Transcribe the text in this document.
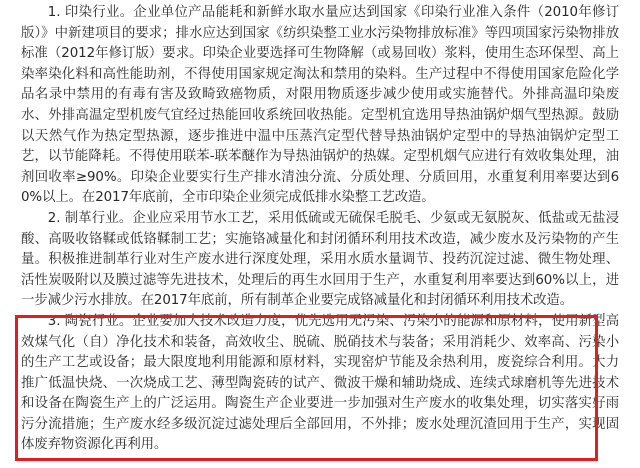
1. 印染行业。企业单位产品能耗和新鲜水取水量应达到国家《印染行业准入条件（2010年修订版）》中新建项目的要求；排水应达到国家《纺织染整工业水污染物排放标准》等四项国家污染物排放标准（2012年修订版）要求。印染企业要选择可生物降解（或易回收）浆料，使用生态环保型、高上染率染化料和高性能助剂，不得使用国家规定淘汰和禁用的染料。生产过程中不得使用国家危险化学品名录中禁用的有毒有害及致畸致癌物质，对限用物质逐步减少使用或实施替代。外排高温印染废水、外排高温定型机废气宜经过热能回收系统回收热能。定型机宜选用导热油锅炉烟气型热源。鼓励以天然气作为热定型热源，逐步推进中温中压蒸汽定型代替导热油锅炉定型中的导热油锅炉定型工艺，以节能降耗。不得使用联苯-联苯醚作为导热油锅炉的热媒。定型机烟气应进行有效收集处理，油剂回收率≥90%。印染企业要实行生产排水清浊分流、分质处理、分质回用，水重复利用率要达到60%以上。在2017年底前，全市印染企业须完成低排水染整工艺改造。

2. 制革行业。企业应采用节水工艺，采用低硫或无硫保毛脱毛、少氨或无氨脱灰、低盐或无盐浸酸、高吸收铬鞣或低铬鞣制工艺；实施铬减量化和封闭循环利用技术改造，减少废水及污染物的产生量。积极推进制革行业对生产废水进行深度处理，采用水质水量调节、投药沉淀过滤、微生物处理、活性炭吸附以及膜过滤等先进技术，处理后的再生水回用于生产，水重复利用率要达到60%以上，进一步减少污水排放。在2017年底前，所有制革企业要完成铬减量化和封闭循环利用技术改造。

3. 陶瓷行业。企业要加大技术改造力度，优先选用无污染、污染小的能源和原材料，使用新型高效煤气化（自）净化技术和装备，高效收尘、脱硫、脱硝技术与装备；采用消耗少、效率高、污染小的生产工艺或设备；最大限度地利用能源和原材料，实现窑炉节能及余热利用，废瓷综合利用。大力推广低温快烧、一次烧成工艺、薄型陶瓷砖的试产、微波干燥和辅助烧成、连续式球磨机等先进技术和设备在陶瓷生产上的广泛运用。陶瓷生产企业要进一步加强对生产废水的收集处理，切实落实好雨污分流措施；生产废水经多级沉淀过滤处理后全部回用，不外排；废水处理沉渣回用于生产，实现固体废弃物资源化再利用。
